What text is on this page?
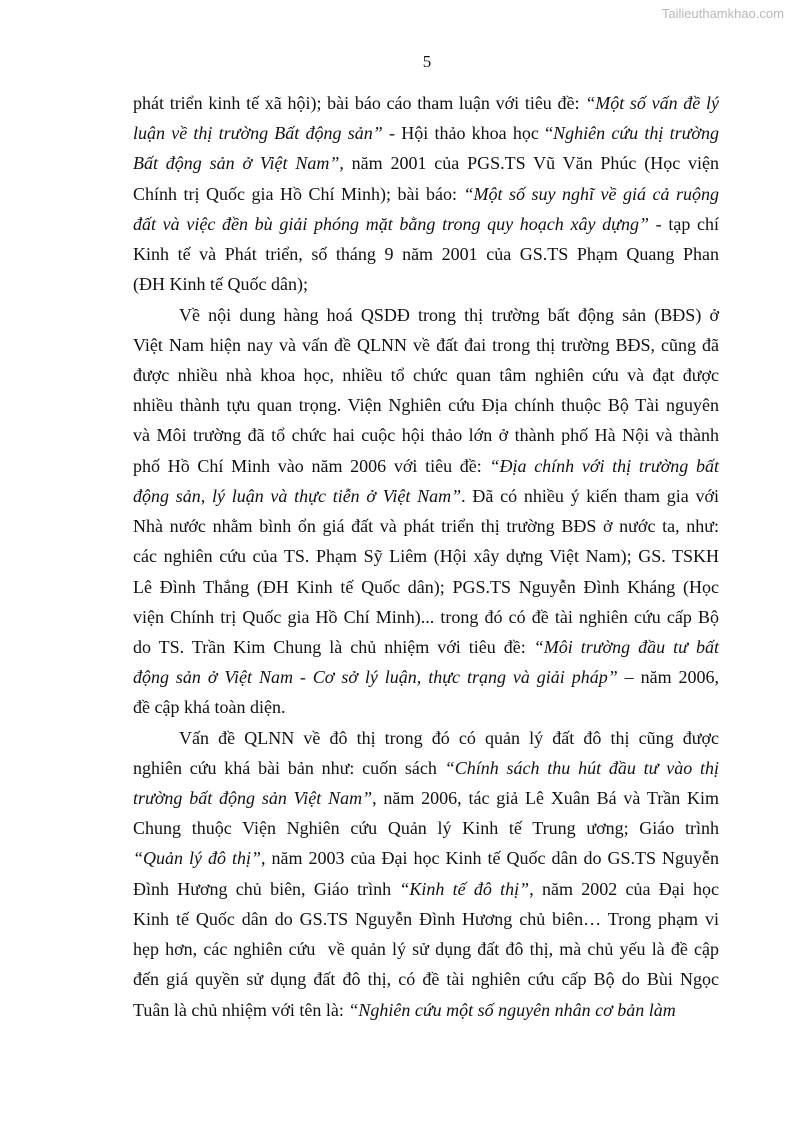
Tailieuthamkhao.com
5
phát triển kinh tế xã hội); bài báo cáo tham luận với tiêu đề: “Một số vấn đề lý
luận về thị trường Bất động sản” - Hội thảo khoa học “Nghiên cứu thị trường
Bất động sản ở Việt Nam”, năm 2001 của PGS.TS Vũ Văn Phúc (Học viện
Chính trị Quốc gia Hồ Chí Minh); bài báo: “Một số suy nghĩ về giá cả ruộng
đất và việc đền bù giải phóng mặt bằng trong quy hoạch xây dựng” - tạp chí
Kinh tế và Phát triển, số tháng 9 năm 2001 của GS.TS Phạm Quang Phan
(ĐH Kinh tế Quốc dân);
Về nội dung hàng hoá QSDĐ trong thị trường bất động sản (BĐS) ở
Việt Nam hiện nay và vấn đề QLNN về đất đai trong thị trường BĐS, cũng đã
được nhiều nhà khoa học, nhiều tổ chức quan tâm nghiên cứu và đạt được
nhiều thành tựu quan trọng. Viện Nghiên cứu Địa chính thuộc Bộ Tài nguyên
và Môi trường đã tổ chức hai cuộc hội thảo lớn ở thành phố Hà Nội và thành
phố Hồ Chí Minh vào năm 2006 với tiêu đề: “Địa chính với thị trường bất
động sản, lý luận và thực tiễn ở Việt Nam”. Đã có nhiều ý kiến tham gia với
Nhà nước nhằm bình ổn giá đất và phát triển thị trường BĐS ở nước ta, như:
các nghiên cứu của TS. Phạm Sỹ Liêm (Hội xây dựng Việt Nam); GS. TSKH
Lê Đình Thắng (ĐH Kinh tế Quốc dân); PGS.TS Nguyễn Đình Kháng (Học
viện Chính trị Quốc gia Hồ Chí Minh)... trong đó có đề tài nghiên cứu cấp Bộ
do TS. Trần Kim Chung là chủ nhiệm với tiêu đề: “Môi trường đầu tư bất
động sản ở Việt Nam - Cơ sở lý luận, thực trạng và giải pháp” – năm 2006,
đề cập khá toàn diện.
Vấn đề QLNN về đô thị trong đó có quản lý đất đô thị cũng được
nghiên cứu khá bài bản như: cuốn sách “Chính sách thu hút đầu tư vào thị
trường bất động sản Việt Nam”, năm 2006, tác giả Lê Xuân Bá và Trần Kim
Chung thuộc Viện Nghiên cứu Quản lý Kinh tế Trung ương; Giáo trình
“Quản lý đô thị”, năm 2003 của Đại học Kinh tế Quốc dân do GS.TS Nguyễn
Đình Hương chủ biên, Giáo trình “Kinh tế đô thị”, năm 2002 của Đại học
Kinh tế Quốc dân do GS.TS Nguyễn Đình Hương chủ biên… Trong phạm vi
hẹp hơn, các nghiên cứu  về quản lý sử dụng đất đô thị, mà chủ yếu là đề cập
đến giá quyền sử dụng đất đô thị, có đề tài nghiên cứu cấp Bộ do Bùi Ngọc
Tuân là chủ nhiệm với tên là: “Nghiên cứu một số nguyên nhân cơ bản làm
